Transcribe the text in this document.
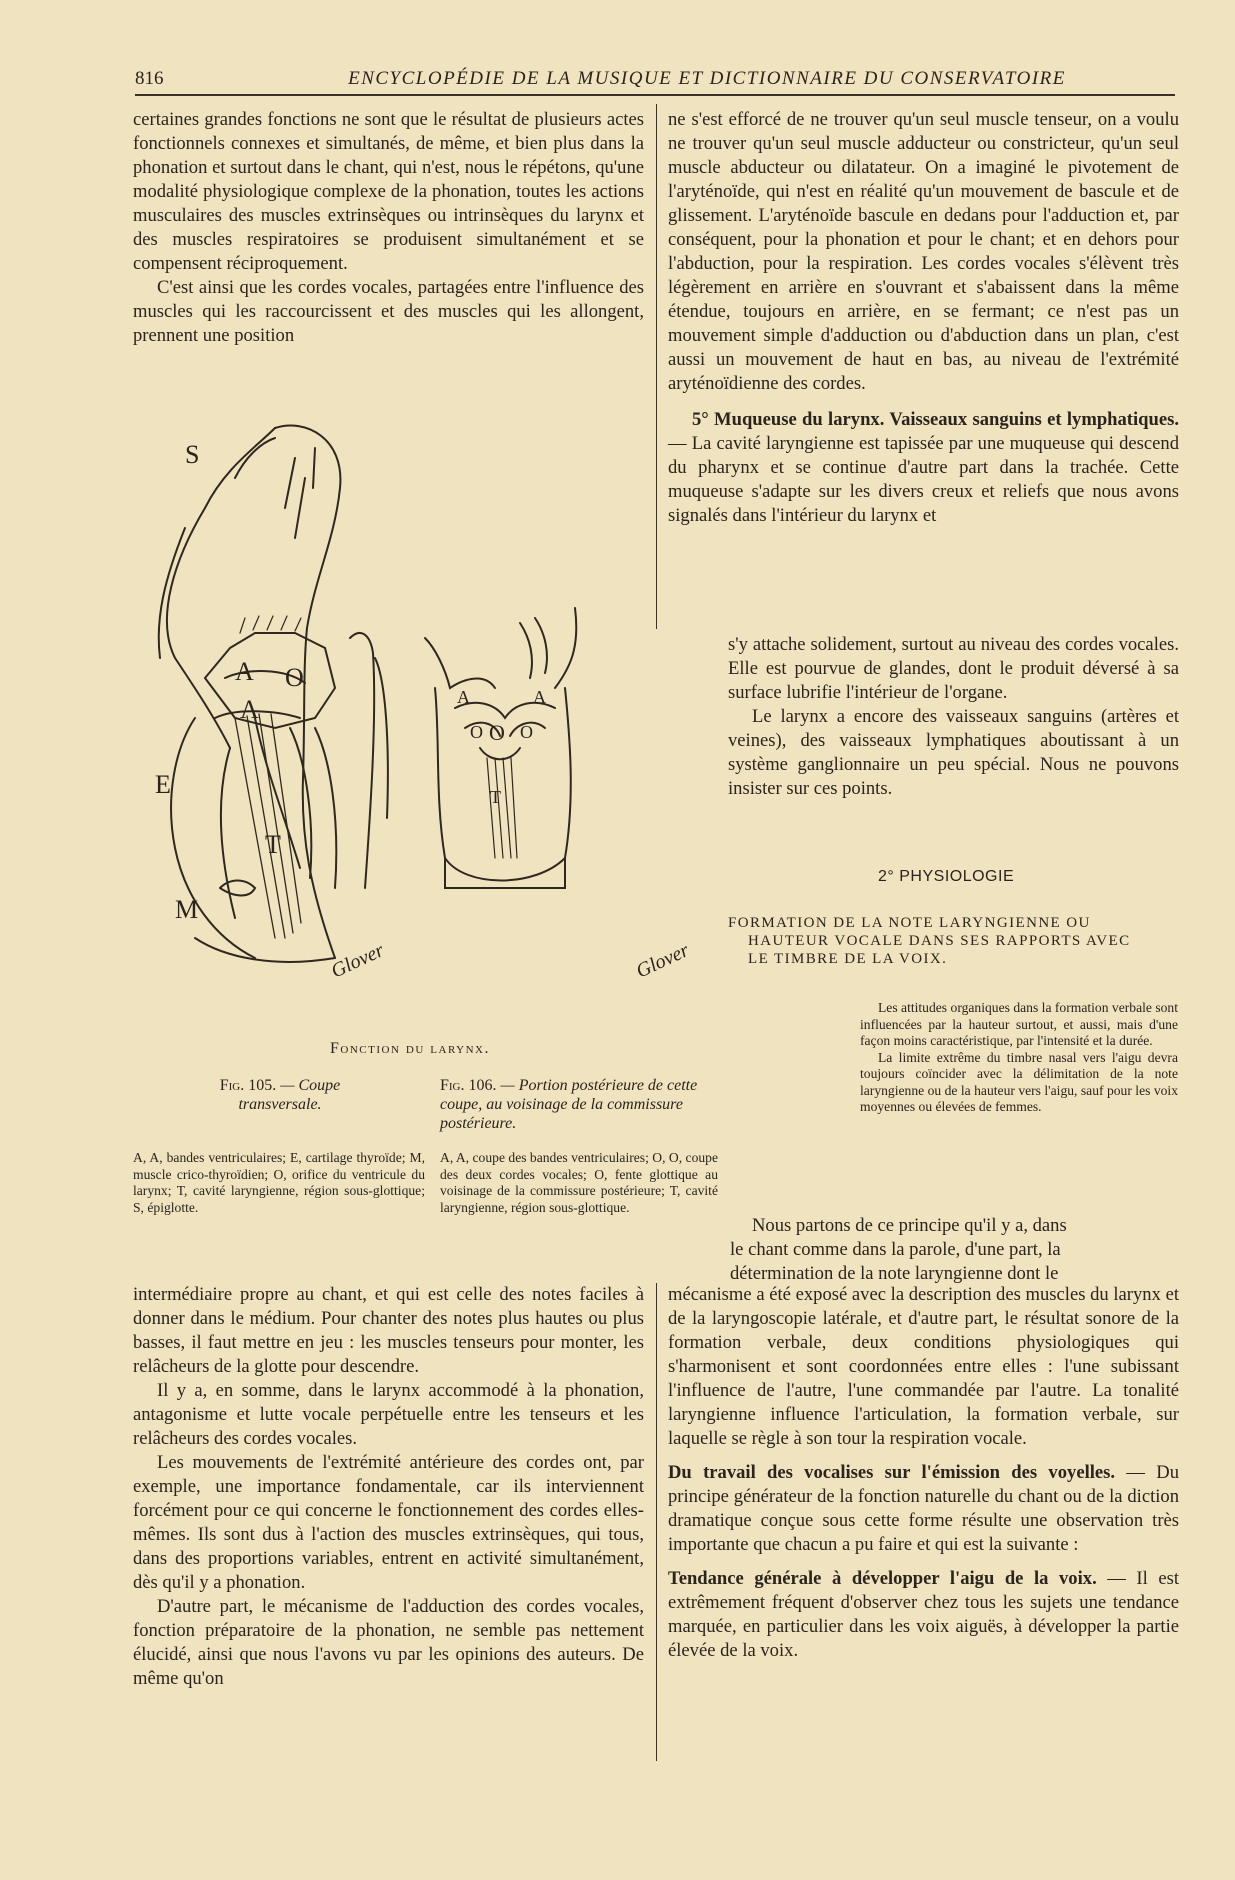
816	ENCYCLOPÉDIE DE LA MUSIQUE ET DICTIONNAIRE DU CONSERVATOIRE

certaines grandes fonctions ne sont que le résultat de plusieurs actes fonctionnels connexes et simultanés, de même, et bien plus dans la phonation et surtout dans le chant, qui n'est, nous le répétons, qu'une modalité physiologique complexe de la phonation, toutes les actions musculaires des muscles extrinsèques ou intrinsèques du larynx et des muscles respiratoires se produisent simultanément et se compensent réciproquement.

C'est ainsi que les cordes vocales, partagées entre l'influence des muscles qui les raccourcissent et des muscles qui les allongent, prennent une position

ne s'est efforcé de ne trouver qu'un seul muscle tenseur, on a voulu ne trouver qu'un seul muscle adducteur ou constricteur, qu'un seul muscle abducteur ou dilatateur. On a imaginé le pivotement de l'aryténoïde, qui n'est en réalité qu'un mouvement de bascule et de glissement. L'aryténoïde bascule en dedans pour l'adduction et, par conséquent, pour la phonation et pour le chant; et en dehors pour l'abduction, pour la respiration. Les cordes vocales s'élèvent très légèrement en arrière en s'ouvrant et s'abaissent dans la même étendue, toujours en arrière, en se fermant; ce n'est pas un mouvement simple d'adduction ou d'abduction dans un plan, c'est aussi un mouvement de haut en bas, au niveau de l'extrémité aryténoïdienne des cordes.

5° Muqueuse du larynx. Vaisseaux sanguins et lymphatiques. — La cavité laryngienne est tapissée par une muqueuse qui descend du pharynx et se continue d'autre part dans la trachée. Cette muqueuse s'adapte sur les divers creux et reliefs que nous avons signalés dans l'intérieur du larynx et

s'y attache solidement, surtout au niveau des cordes vocales. Elle est pourvue de glandes, dont le produit déversé à sa surface lubrifie l'intérieur de l'organe.

Le larynx a encore des vaisseaux sanguins (artères et veines), des vaisseaux lymphatiques aboutissant à un système ganglionnaire un peu spécial. Nous ne pouvons insister sur ces points.

2° PHYSIOLOGIE
FORMATION DE LA NOTE LARYNGIENNE OU
HAUTEUR VOCALE DANS SES RAPPORTS AVEC
LE TIMBRE DE LA VOIX.

Les attitudes organiques dans la formation verbale sont influencées par la hauteur surtout, et aussi, mais d'une façon moins caractéristique, par l'intensité et la durée.

La limite extrême du timbre nasal vers l'aigu devra toujours coïncider avec la délimitation de la note laryngienne ou de la hauteur vers l'aigu, sauf pour les voix moyennes ou élevées de femmes.

Nous partons de ce principe qu'il y a, dans
le chant comme dans la parole, d'une part, la
détermination de la note laryngienne dont le
S
A O
A
E
T
M
A	A
O O O
T
Glover	Glover
Fonction du larynx.
Fig. 105. — Coupe transversale.
A, A, bandes ventriculaires; E, cartilage thyroïde; M, muscle crico-thyroïdien; O, orifice du ventricule du larynx; T, cavité laryngienne, région sous-glottique; S, épiglotte.
Fig. 106. — Portion postérieure de cette coupe, au voisinage de la commissure postérieure.
A, A, coupe des bandes ventriculaires; O, O, coupe des deux cordes vocales; O, fente glottique au voisinage de la commissure postérieure; T, cavité laryngienne, région sous-glottique.

intermédiaire propre au chant, et qui est celle des notes faciles à donner dans le médium. Pour chanter des notes plus hautes ou plus basses, il faut mettre en jeu : les muscles tenseurs pour monter, les relâcheurs de la glotte pour descendre.

Il y a, en somme, dans le larynx accommodé à la phonation, antagonisme et lutte vocale perpétuelle entre les tenseurs et les relâcheurs des cordes vocales.

Les mouvements de l'extrémité antérieure des cordes ont, par exemple, une importance fondamentale, car ils interviennent forcément pour ce qui concerne le fonctionnement des cordes elles-mêmes. Ils sont dus à l'action des muscles extrinsèques, qui tous, dans des proportions variables, entrent en activité simultanément, dès qu'il y a phonation.

D'autre part, le mécanisme de l'adduction des cordes vocales, fonction préparatoire de la phonation, ne semble pas nettement élucidé, ainsi que nous l'avons vu par les opinions des auteurs. De même qu'on

mécanisme a été exposé avec la description des muscles du larynx et de la laryngoscopie latérale, et d'autre part, le résultat sonore de la formation verbale, deux conditions physiologiques qui s'harmonisent et sont coordonnées entre elles : l'une subissant l'influence de l'autre, l'une commandée par l'autre. La tonalité laryngienne influence l'articulation, la formation verbale, sur laquelle se règle à son tour la respiration vocale.

Du travail des vocalises sur l'émission des voyelles. — Du principe générateur de la fonction naturelle du chant ou de la diction dramatique conçue sous cette forme résulte une observation très importante que chacun a pu faire et qui est la suivante :

Tendance générale à développer l'aigu de la voix. — Il est extrêmement fréquent d'observer chez tous les sujets une tendance marquée, en particulier dans les voix aiguës, à développer la partie élevée de la voix.
